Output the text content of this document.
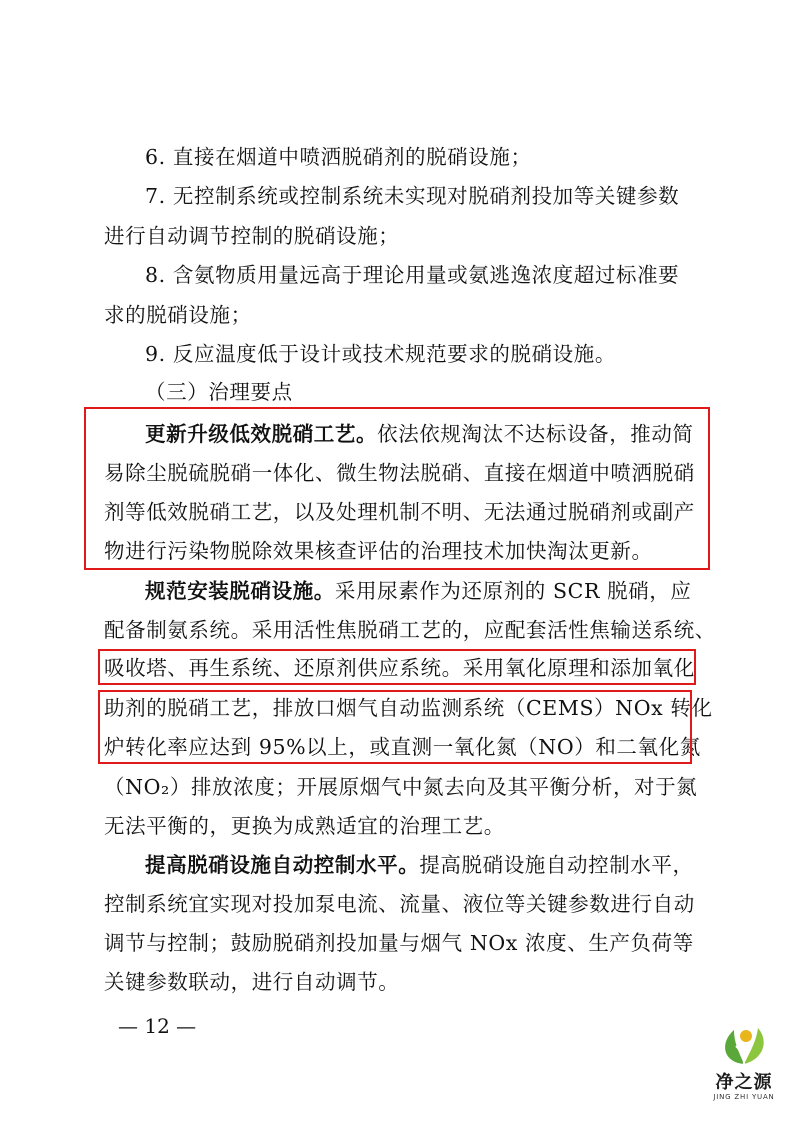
6. 直接在烟道中喷洒脱硝剂的脱硝设施；
7. 无控制系统或控制系统未实现对脱硝剂投加等关键参数
进行自动调节控制的脱硝设施；
8. 含氨物质用量远高于理论用量或氨逃逸浓度超过标准要
求的脱硝设施；
9. 反应温度低于设计或技术规范要求的脱硝设施。
（三）治理要点
更新升级低效脱硝工艺。依法依规淘汰不达标设备，推动简
易除尘脱硫脱硝一体化、微生物法脱硝、直接在烟道中喷洒脱硝
剂等低效脱硝工艺，以及处理机制不明、无法通过脱硝剂或副产
物进行污染物脱除效果核查评估的治理技术加快淘汰更新。
规范安装脱硝设施。采用尿素作为还原剂的 SCR 脱硝，应
配备制氨系统。采用活性焦脱硝工艺的，应配套活性焦输送系统、
吸收塔、再生系统、还原剂供应系统。采用氧化原理和添加氧化
助剂的脱硝工艺，排放口烟气自动监测系统（CEMS）NOx 转化
炉转化率应达到 95%以上，或直测一氧化氮（NO）和二氧化氮
（NO₂）排放浓度；开展原烟气中氮去向及其平衡分析，对于氮
无法平衡的，更换为成熟适宜的治理工艺。
提高脱硝设施自动控制水平。提高脱硝设施自动控制水平，
控制系统宜实现对投加泵电流、流量、液位等关键参数进行自动
调节与控制；鼓励脱硝剂投加量与烟气 NOx 浓度、生产负荷等
关键参数联动，进行自动调节。
— 12 —
净之源
JING ZHI YUAN
